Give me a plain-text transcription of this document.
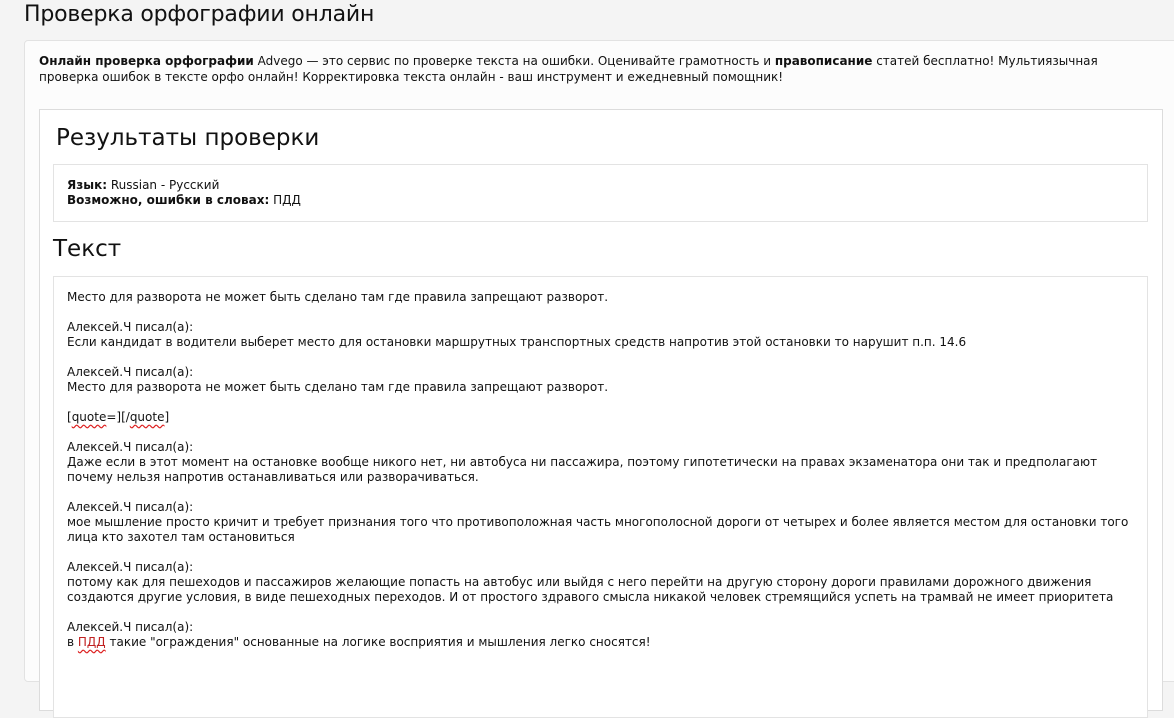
Проверка орфографии онлайн
Онлайн проверка орфографии Advego — это сервис по проверке текста на ошибки. Оценивайте грамотность и правописание статей бесплатно! Мультиязычная проверка ошибок в тексте орфо онлайн! Корректировка текста онлайн - ваш инструмент и ежедневный помощник!
Результаты проверки
Язык: Russian - Русский
Возможно, ошибки в словах: ПДД
Текст

Место для разворота не может быть сделано там где правила запрещают разворот.

Алексей.Ч писал(а):
Если кандидат в водители выберет место для остановки маршрутных транспортных средств напротив этой остановки то нарушит п.п. 14.6

Алексей.Ч писал(а):
Место для разворота не может быть сделано там где правила запрещают разворот.

[quote=][/quote]

Алексей.Ч писал(а):
Даже если в этот момент на остановке вообще никого нет, ни автобуса ни пассажира, поэтому гипотетически на правах экзаменатора они так и предполагают почему нельзя напротив останавливаться или разворачиваться.

Алексей.Ч писал(а):
мое мышление просто кричит и требует признания того что противоположная часть многополосной дороги от четырех и более является местом для остановки того лица кто захотел там остановиться

Алексей.Ч писал(а):
потому как для пешеходов и пассажиров желающие попасть на автобус или выйдя с него перейти на другую сторону дороги правилами дорожного движения создаются другие условия, в виде пешеходных переходов. И от простого здравого смысла никакой человек стремящийся успеть на трамвай не имеет приоритета

Алексей.Ч писал(а):
в ПДД такие "ограждения" основанные на логике восприятия и мышления легко сносятся!
